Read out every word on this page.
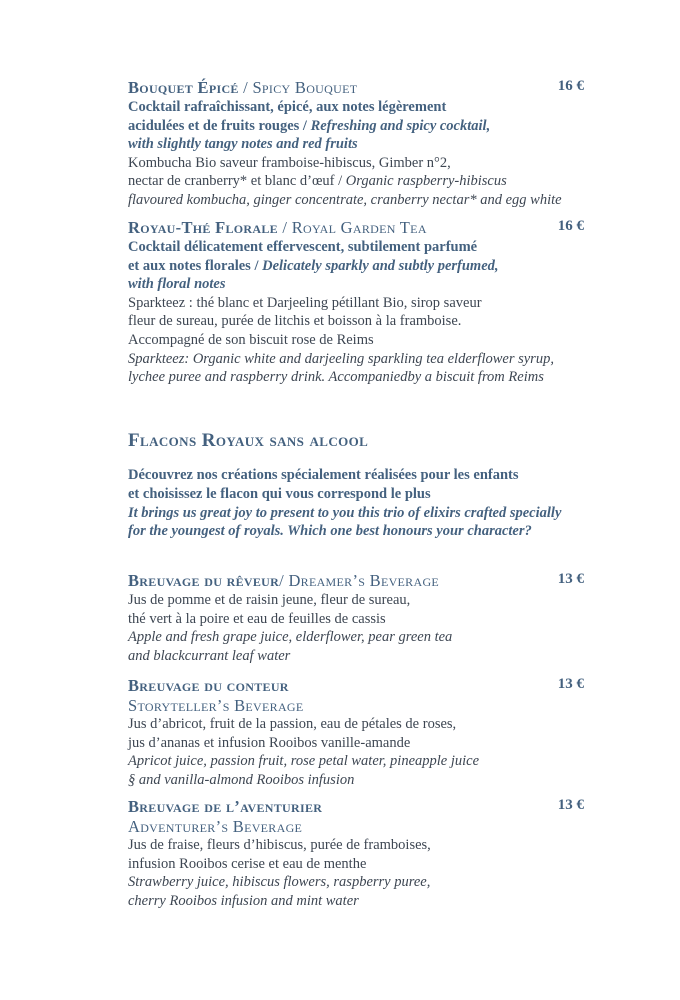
Bouquet Épicé / Spicy Bouquet	16 €
Cocktail rafraîchissant, épicé, aux notes légèrement
acidulées et de fruits rouges / Refreshing and spicy cocktail,
with slightly tangy notes and red fruits
Kombucha Bio saveur framboise-hibiscus, Gimber n°2,
nectar de cranberry* et blanc d’œuf / Organic raspberry-hibiscus
flavoured kombucha, ginger concentrate, cranberry nectar* and egg white
Royau-Thé Florale / Royal Garden Tea	16 €
Cocktail délicatement effervescent, subtilement parfumé
et aux notes florales / Delicately sparkly and subtly perfumed,
with floral notes
Sparkteez : thé blanc et Darjeeling pétillant Bio, sirop saveur
fleur de sureau, purée de litchis et boisson à la framboise.
Accompagné de son biscuit rose de Reims
Sparkteez: Organic white and darjeeling sparkling tea elderflower syrup,
lychee puree and raspberry drink. Accompaniedby a biscuit from Reims
Breuvage du rêveur/ Dreamer’s Beverage	13 €
Jus de pomme et de raisin jeune, fleur de sureau,
thé vert à la poire et eau de feuilles de cassis
Apple and fresh grape juice, elderflower, pear green tea
and blackcurrant leaf water
Breuvage du conteur	13 €
Storyteller’s Beverage
Jus d’abricot, fruit de la passion, eau de pétales de roses,
jus d’ananas et infusion Rooibos vanille-amande
Apricot juice, passion fruit, rose petal water, pineapple juice
§ and vanilla-almond Rooibos infusion
Breuvage de l’aventurier	13 €
Adventurer’s Beverage
Jus de fraise, fleurs d’hibiscus, purée de framboises,
infusion Rooibos cerise et eau de menthe
Strawberry juice, hibiscus flowers, raspberry puree,
cherry Rooibos infusion and mint water
Flacons Royaux sans alcool
Découvrez nos créations spécialement réalisées pour les enfants
et choisissez le flacon qui vous correspond le plus
It brings us great joy to present to you this trio of elixirs crafted specially
for the youngest of royals. Which one best honours your character?
